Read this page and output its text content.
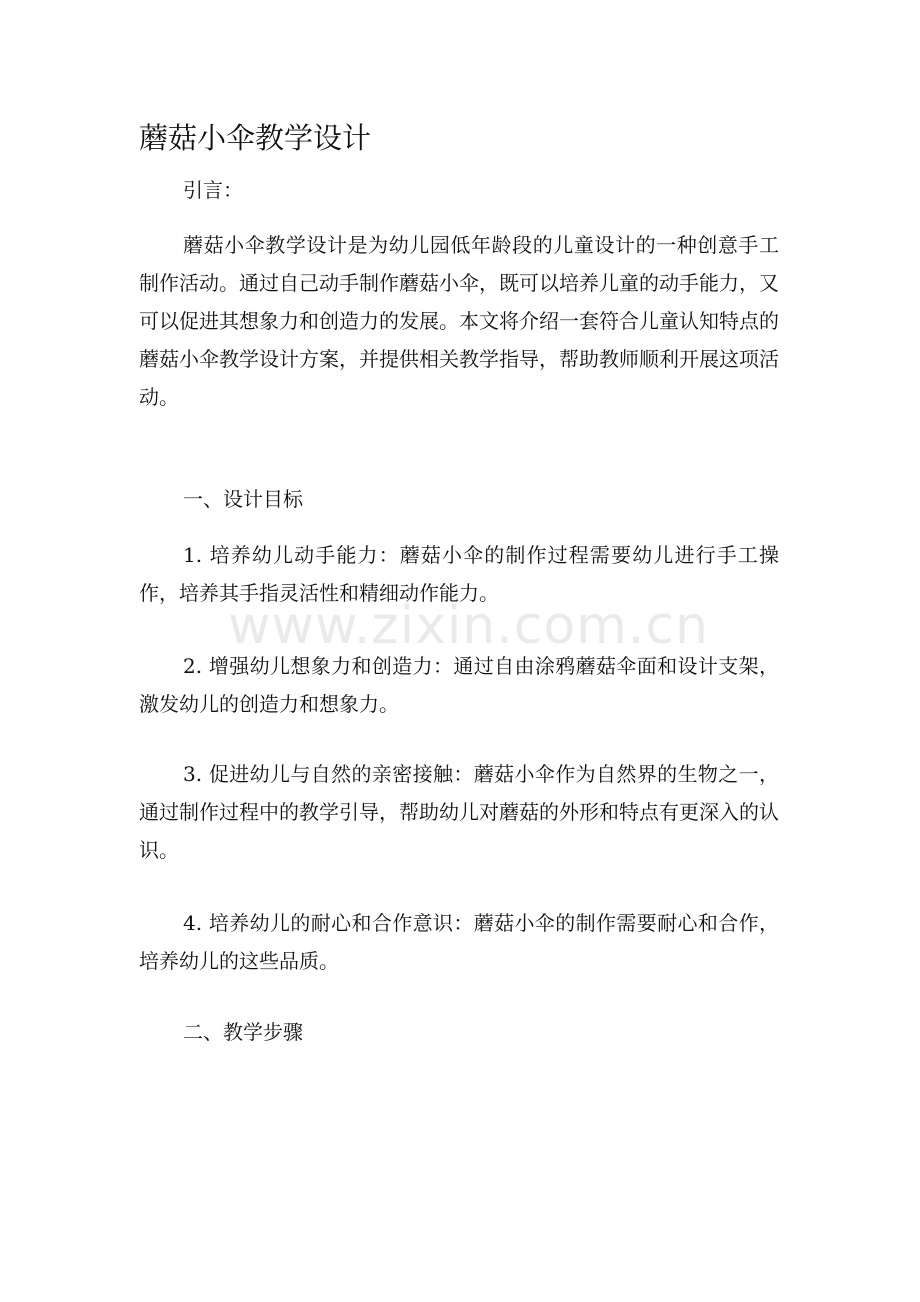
蘑菇小伞教学设计

引言：

蘑菇小伞教学设计是为幼儿园低年龄段的儿童设计的一种创意手工制作活动。通过自己动手制作蘑菇小伞，既可以培养儿童的动手能力，又可以促进其想象力和创造力的发展。本文将介绍一套符合儿童认知特点的蘑菇小伞教学设计方案，并提供相关教学指导，帮助教师顺利开展这项活动。

一、设计目标

1. 培养幼儿动手能力：蘑菇小伞的制作过程需要幼儿进行手工操作，培养其手指灵活性和精细动作能力。

2. 增强幼儿想象力和创造力：通过自由涂鸦蘑菇伞面和设计支架，激发幼儿的创造力和想象力。

3. 促进幼儿与自然的亲密接触：蘑菇小伞作为自然界的生物之一，通过制作过程中的教学引导，帮助幼儿对蘑菇的外形和特点有更深入的认识。

4. 培养幼儿的耐心和合作意识：蘑菇小伞的制作需要耐心和合作，培养幼儿的这些品质。

二、教学步骤

www.zixin.com.cn
